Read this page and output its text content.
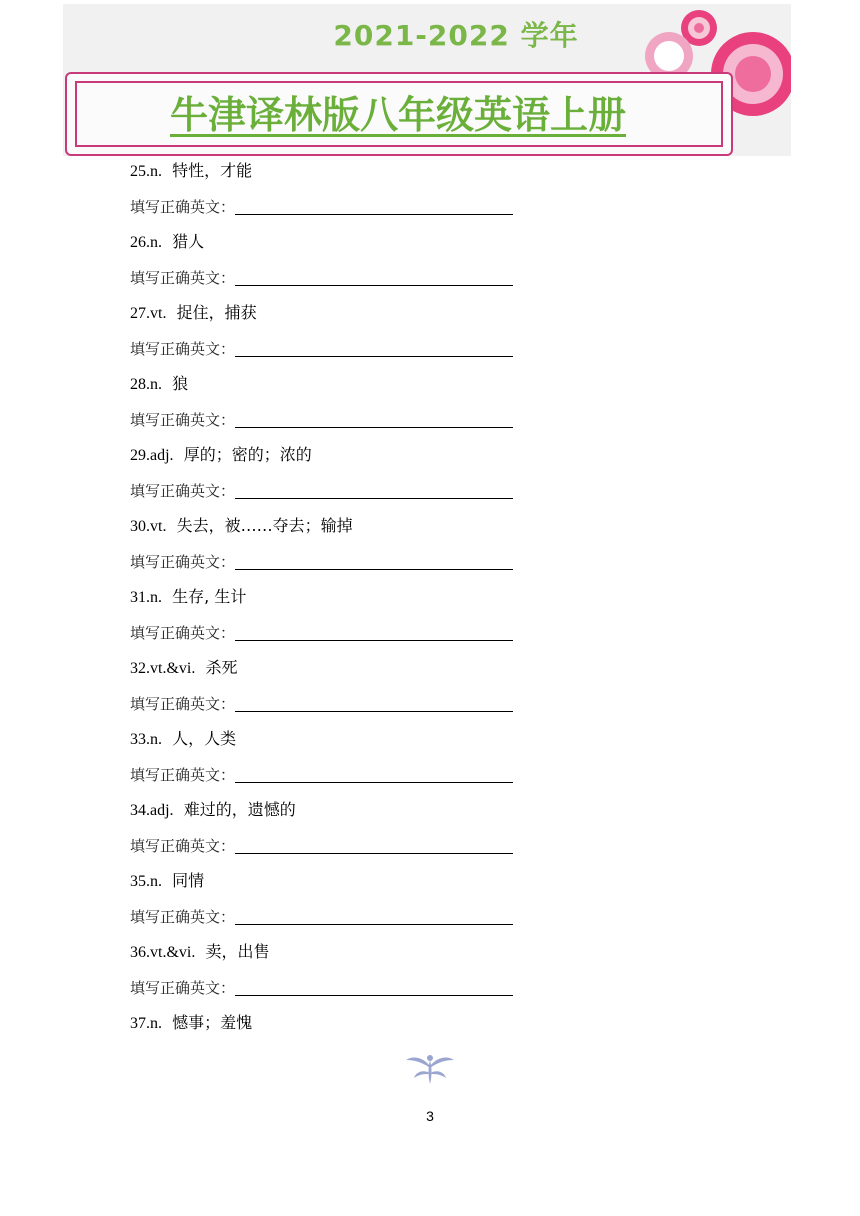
2021-2022 学年
牛津译林版八年级英语上册
25.n. 特性，才能
填写正确英文：
26.n. 猎人
填写正确英文：
27.vt. 捉住，捕获
填写正确英文：
28.n. 狼
填写正确英文：
29.adj. 厚的；密的；浓的
填写正确英文：
30.vt. 失去，被……夺去；输掉
填写正确英文：
31.n. 生存, 生计
填写正确英文：
32.vt.&vi. 杀死
填写正确英文：
33.n. 人，人类
填写正确英文：
34.adj. 难过的，遗憾的
填写正确英文：
35.n. 同情
填写正确英文：
36.vt.&vi. 卖，出售
填写正确英文：
37.n. 憾事；羞愧
3
